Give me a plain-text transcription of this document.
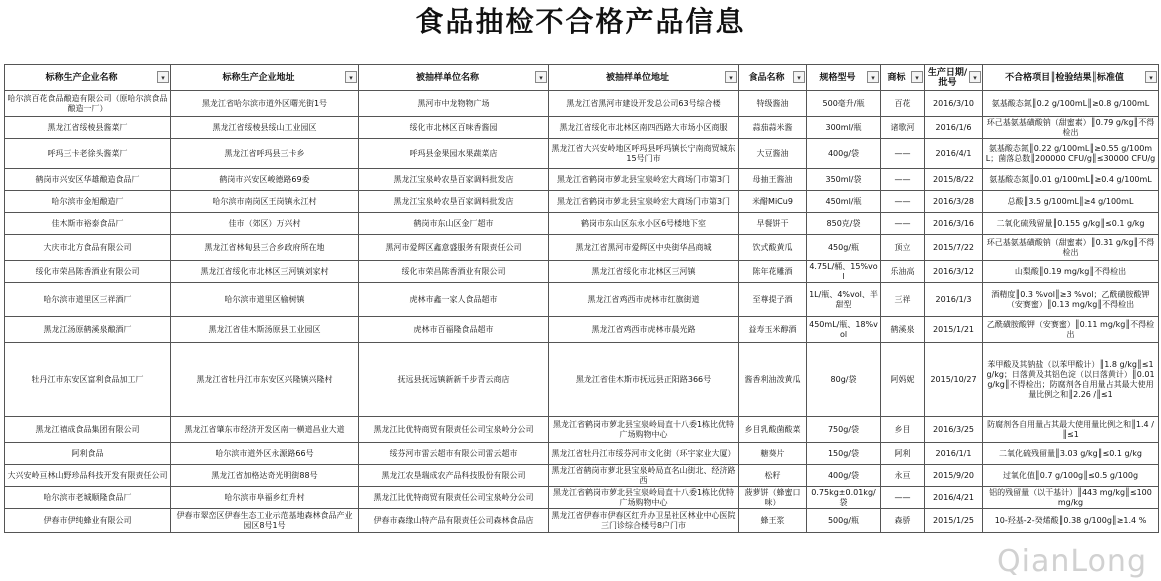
食品抽检不合格产品信息
标称生产企业名称 ▾	标称生产企业地址 ▾	被抽样单位名称 ▾	被抽样单位地址 ▾	食品名称 ▾	规格型号 ▾	商标 ▾	生产日期/批号 ▾	不合格项目║检验结果║标准值 ▾

哈尔滨百花食品酿造有限公司（原哈尔滨食品酿造一厂）	黑龙江省哈尔滨市道外区曙光街1号	黑河市中龙物物广场	黑龙江省黑河市建设开发总公司63号综合楼	特级酱油	500毫升/瓶	百花	2016/3/10	氨基酸态氮║0.2 g/100mL║≥0.8 g/100mL
黑龙江省绥棱县酱菜厂	黑龙江省绥棱县绥山工业园区	绥化市北林区百味香酱园	黑龙江省绥化市北林区南四西路大市场小区商服	蒜茄蒜米酱	300ml/瓶	诸歌河	2016/1/6	环己基氨基磺酸钠（甜蜜素）║0.79 g/kg║不得检出
呼玛三卡老徐头酱菜厂	黑龙江省呼玛县三卡乡	呼玛县金果园水果蔬菜店	黑龙江省大兴安岭地区呼玛县呼玛镇长宁南商贸城东15号门市	大豆酱油	400g/袋	——	2016/4/1	氨基酸态氮║0.22 g/100mL║≥0.55 g/100mL；菌落总数║200000 CFU/g║≤30000 CFU/g
鹤岗市兴安区华雄酿造食品厂	鹤岗市兴安区峻德路69委	黑龙江宝泉岭农垦百家调料批发店	黑龙江省鹤岗市萝北县宝泉岭宏大商场门市第3门	母抽王酱油	350ml/袋	——	2015/8/22	氨基酸态氮║0.01 g/100mL║≥0.4 g/100mL
哈尔滨市金旭酿造厂	哈尔滨市南岗区王岗镇永江村	黑龙江宝泉岭农垦百家调料批发店	黑龙江省鹤岗市萝北县宝泉岭宏大商场门市第3门	米醋MiCu9	450ml/瓶	——	2016/3/28	总酸║3.5 g/100mL║≥4 g/100mL
佳木斯市裕泰食品厂	佳市（郊区）万兴村	鹤岗市东山区金厂超市	鹤岗市东山区东永小区6号楼地下室	早餐饼干	850克/袋	——	2016/3/16	二氧化硫残留量║0.155 g/kg║≤0.1 g/kg
大庆市北方食品有限公司	黑龙江省林甸县三合乡政府所在地	黑河市爱辉区鑫意盛服务有限责任公司	黑龙江省黑河市爱辉区中央街华昌商城	饮式酸黄瓜	450g/瓶	顶立	2015/7/22	环己基氨基磺酸钠（甜蜜素）║0.31 g/kg║不得检出
绥化市荣昌陈香酒业有限公司	黑龙江省绥化市北林区三河镇刘家村	绥化市荣昌陈香酒业有限公司	黑龙江省绥化市北林区三河镇	陈年花雕酒	4.75L/桶、15%vol	乐油高	2016/3/12	山梨酸║0.19 mg/kg║不得检出
哈尔滨市道里区三祥酒厂	哈尔滨市道里区榆树镇	虎林市鑫一家人食品超市	黑龙江省鸡西市虎林市红旗街道	至尊提子酒	1L/瓶、4%vol、半甜型	三祥	2016/1/3	酒精度║0.3 %vol║≥3 %vol；乙酰磺胺酸钾（安赛蜜）║0.13 mg/kg║不得检出
黑龙江汤原鹤溪泉酿酒厂	黑龙江省佳木斯汤原县工业园区	虎林市百福隆食品超市	黑龙江省鸡西市虎林市晨光路	益寿玉米醇酒	450mL/瓶、18%vol	鹤溪泉	2015/1/21	乙酰磺胺酸钾（安赛蜜）║0.11 mg/kg║不得检出
牡丹江市东安区富利食品加工厂	黑龙江省牡丹江市东安区兴隆镇兴隆村	抚远县抚远镇新新千步青云商店	黑龙江省佳木斯市抚远县正阳路366号	酱香利油泼黄瓜	80g/袋	阿妈妮	2015/10/27	苯甲酸及其钠盐（以苯甲酸计）║1.8 g/kg║≤1 g/kg；日落黄及其铝色淀（以日落黄计）║0.01 g/kg║不得检出；防腐剂各自用量占其最大使用量比例之和║2.26 /║≤1
黑龙江禧成食品集团有限公司	黑龙江省肇东市经济开发区南一横道昌业大道	黑龙江比优特商贸有限责任公司宝泉岭分公司	黑龙江省鹤岗市萝北县宝泉岭局直十八委1栋比优特广场购物中心	乡目乳酸菌酸菜	750g/袋	乡目	2016/3/25	防腐剂各自用量占其最大使用量比例之和║1.4 /║≤1
阿利食品	哈尔滨市道外区永源路66号	绥芬河市雷云超市有限公司雷云超市	黑龙江省牡丹江市绥芬河市文化街（环宇家业大厦）	糖葵片	150g/袋	阿利	2016/1/1	二氧化硫残留量║3.03 g/kg║≤0.1 g/kg
大兴安岭亘林山野珍品科技开发有限责任公司	黑龙江省加格达奇光明街88号	黑龙江农垦瑞成农产品科技股份有限公司	黑龙江省鹤岗市萝北县宝泉岭局直名山街北、经济路西	松籽	400g/袋	永亘	2015/9/20	过氧化值║0.7 g/100g║≤0.5 g/100g
哈尔滨市老城顺隆食品厂	哈尔滨市阜福乡红升村	黑龙江比优特商贸有限责任公司宝泉岭分公司	黑龙江省鹤岗市萝北县宝泉岭局直十八委1栋比优特广场购物中心	菠萝饼（蜂蜜口味）	0.75kg±0.01kg/袋	——	2016/4/21	铝的残留量（以干基计）║443 mg/kg║≤100 mg/kg
伊春市伊纯蜂业有限公司	伊春市翠峦区伊春生态工业示范基地森林食品产业园区8号1号	伊春市森缘山特产品有限责任公司森林食品店	黑龙江省伊春市伊春区红升办卫星社区林业中心医院三门诊综合楼号8户门市	蜂王浆	500g/瓶	森骄	2015/1/25	10-羟基-2-癸烯酸║0.38 g/100g║≥1.4 %
QianLong
